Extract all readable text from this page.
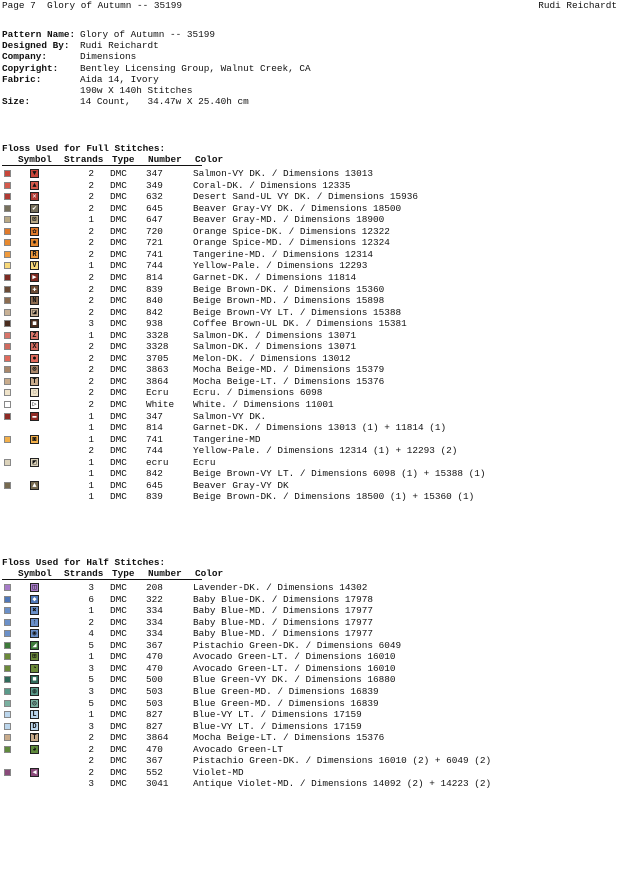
Page 7  Glory of Autumn -- 35199	Rudi Reichardt
Pattern Name: Glory of Autumn -- 35199
Designed By: Rudi Reichardt
Company:	Dimensions
Copyright: Bentley Licensing Group, Walnut Creek, CA
Fabric:	Aida 14, Ivory
190w X 140h Stitches
Size:	14 Count,   34.47w X 25.40h cm
Floss Used for Full Stitches:
Symbol Strands Type Number Color
▼	2 DMC 347	Salmon-VY DK. / Dimensions 13013
▲	2 DMC 349	Coral-DK. / Dimensions 12335
✕	2 DMC 632	Desert Sand-UL VY DK. / Dimensions 15936
✔	2 DMC 645	Beaver Gray-VY DK. / Dimensions 18500
⊠	1 DMC 647	Beaver Gray-MD. / Dimensions 18900
✿	2 DMC 720	Orange Spice-DK. / Dimensions 12322
✸	2 DMC 721	Orange Spice-MD. / Dimensions 12324
R	2 DMC 741	Tangerine-MD. / Dimensions 12314
V	1 DMC 744	Yellow-Pale. / Dimensions 12293
▶	2 DMC 814	Garnet-DK. / Dimensions 11814
✚	2 DMC 839	Beige Brown-DK. / Dimensions 15360
N	2 DMC 840	Beige Brown-MD. / Dimensions 15898
◪	2 DMC 842	Beige Brown-VY LT. / Dimensions 15388
◼	3 DMC 938	Coffee Brown-UL DK. / Dimensions 15381
Z	1 DMC 3328	Salmon-DK. / Dimensions 13071
X	2 DMC 3328	Salmon-DK. / Dimensions 13071
●	2 DMC 3705	Melon-DK. / Dimensions 13012
⊗	2 DMC 3863	Mocha Beige-MD. / Dimensions 15379
T	2 DMC 3864	Mocha Beige-LT. / Dimensions 15376
◌	2 DMC Ecru	Ecru. / Dimensions 6098
▷	2 DMC White White. / Dimensions 11001
▬	1 DMC 347	Salmon-VY DK.
1 DMC 814	Garnet-DK. / Dimensions 13013 (1) + 11814 (1)
◙	1 DMC 741	Tangerine-MD
2 DMC 744	Yellow-Pale. / Dimensions 12314 (1) + 12293 (2)
◩	1 DMC ecru	Ecru
1 DMC 842	Beige Brown-VY LT. / Dimensions 6098 (1) + 15388 (1)
▲	1 DMC 645	Beaver Gray-VY DK
1 DMC 839	Beige Brown-DK. / Dimensions 18500 (1) + 15360 (1)
Floss Used for Half Stitches:
Symbol Strands Type Number Color
◫	3 DMC 208	Lavender-DK. / Dimensions 14302
◆	6 DMC 322	Baby Blue-DK. / Dimensions 17978
✖	1 DMC 334	Baby Blue-MD. / Dimensions 17977
↑	2 DMC 334	Baby Blue-MD. / Dimensions 17977
◉	4 DMC 334	Baby Blue-MD. / Dimensions 17977
◢	5 DMC 367	Pistachio Green-DK. / Dimensions 6049
⊞	1 DMC 470	Avocado Green-LT. / Dimensions 16010
◔	3 DMC 470	Avocado Green-LT. / Dimensions 16010
■	5 DMC 500	Blue Green-VY DK. / Dimensions 16880
◍	3 DMC 503	Blue Green-MD. / Dimensions 16839
◎	5 DMC 503	Blue Green-MD. / Dimensions 16839
L	1 DMC 827	Blue-VY LT. / Dimensions 17159
D	3 DMC 827	Blue-VY LT. / Dimensions 17159
T	2 DMC 3864	Mocha Beige-LT. / Dimensions 15376
◕	2 DMC 470	Avocado Green-LT
2 DMC 367	Pistachio Green-DK. / Dimensions 16010 (2) + 6049 (2)
◀	2 DMC 552	Violet-MD
3 DMC 3041	Antique Violet-MD. / Dimensions 14092 (2) + 14223 (2)
